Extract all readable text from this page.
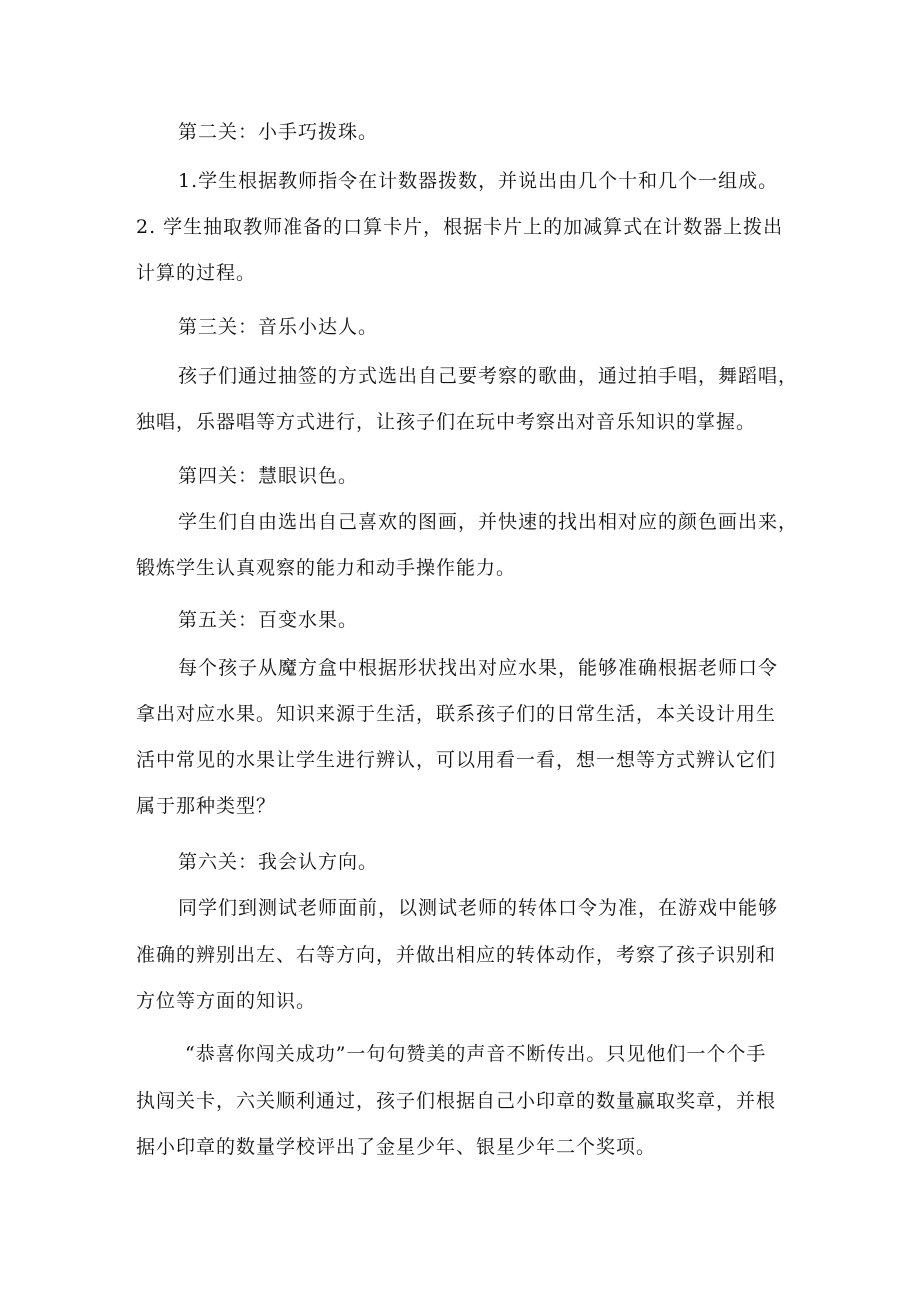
第二关：小手巧拨珠。
1.学生根据教师指令在计数器拨数，并说出由几个十和几个一组成。
2. 学生抽取教师准备的口算卡片，根据卡片上的加减算式在计数器上拨出
计算的过程。
第三关：音乐小达人。
孩子们通过抽签的方式选出自己要考察的歌曲，通过拍手唱，舞蹈唱，
独唱，乐器唱等方式进行，让孩子们在玩中考察出对音乐知识的掌握。
第四关：慧眼识色。
学生们自由选出自己喜欢的图画，并快速的找出相对应的颜色画出来，
锻炼学生认真观察的能力和动手操作能力。
第五关：百变水果。
每个孩子从魔方盒中根据形状找出对应水果，能够准确根据老师口令
拿出对应水果。知识来源于生活，联系孩子们的日常生活，本关设计用生
活中常见的水果让学生进行辨认，可以用看一看，想一想等方式辨认它们
属于那种类型？
第六关：我会认方向。
同学们到测试老师面前，以测试老师的转体口令为准，在游戏中能够
准确的辨别出左、右等方向，并做出相应的转体动作，考察了孩子识别和
方位等方面的知识。
“恭喜你闯关成功”一句句赞美的声音不断传出。只见他们一个个手
执闯关卡，六关顺利通过，孩子们根据自己小印章的数量赢取奖章，并根
据小印章的数量学校评出了金星少年、银星少年二个奖项。
